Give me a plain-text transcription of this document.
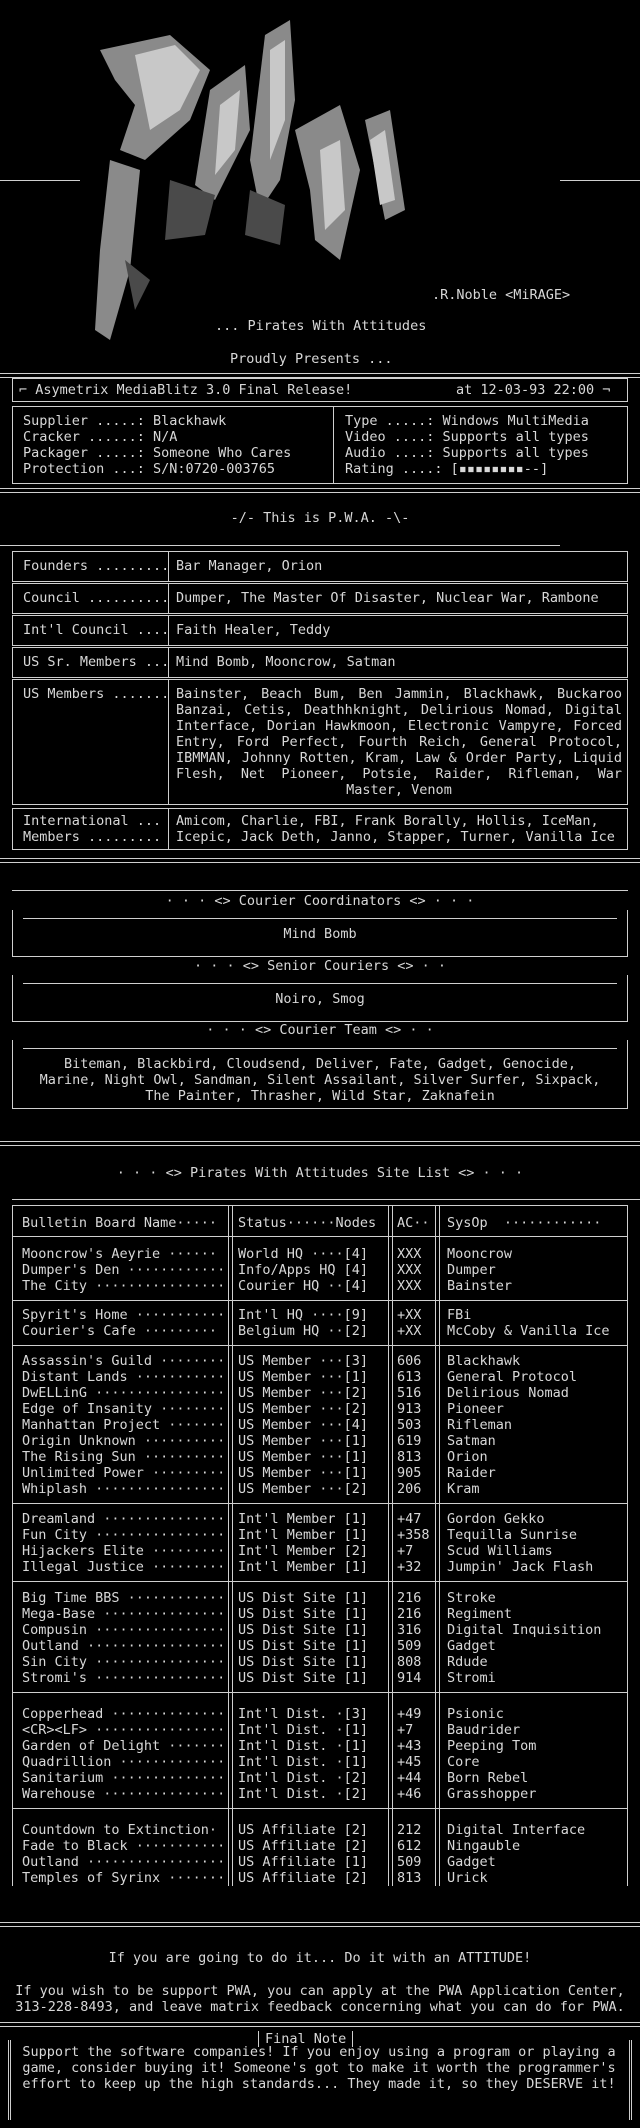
.R.Noble <MiRAGE>
... Pirates With Attitudes
Proudly Presents ...
⌐ Asymetrix MediaBlitz 3.0 Final Release!	at 12-03-93 22:00 ¬
Supplier .....: Blackhawk
Cracker ......: N/A
Packager .....: Someone Who Cares
Protection ...: S/N:0720-003765
Type .....: Windows MultiMedia
Video ....: Supports all types
Audio ....: Supports all types
Rating ....: [▪▪▪▪▪▪▪▪--]
-/- This is P.W.A. -\-
Founders ......... Bar Manager, Orion
Council .......... Dumper, The Master Of Disaster, Nuclear War, Rambone
Int'l Council .... Faith Healer, Teddy
US Sr. Members ... Mind Bomb, Mooncrow, Satman
US Members ....... Bainster, Beach Bum, Ben Jammin, Blackhawk, Buckaroo Banzai, Cetis, Deathhknight, Delirious Nomad, Digital Interface, Dorian Hawkmoon, Electronic Vampyre, Forced Entry, Ford Perfect, Fourth Reich, General Protocol, IBMMAN, Johnny Rotten, Kram, Law & Order Party, Liquid Flesh, Net Pioneer, Potsie, Raider, Rifleman, War Master, Venom
International ...
Members .........
Amicom, Charlie, FBI, Frank Borally, Hollis, IceMan, Icepic, Jack Deth, Janno, Stapper, Turner, Vanilla Ice
· · · <> Courier Coordinators <> · · ·
Mind Bomb
· · · <> Senior Couriers <> · ·
Noiro, Smog
· · · <> Courier Team <> · ·
Biteman, Blackbird, Cloudsend, Deliver, Fate, Gadget, Genocide, Marine, Night Owl, Sandman, Silent Assailant, Silver Surfer, Sixpack, The Painter, Thrasher, Wild Star, Zaknafein
· · · <> Pirates With Attitudes Site List <> · · ·
Bulletin Board Name····· Status······Nodes AC·· SysOp  ············
Mooncrow's Aeyrie ······ World HQ ····[4] XXX Mooncrow
Dumper's Den ············ Info/Apps HQ [4] XXX Dumper
The City ················ Courier HQ ··[4] XXX Bainster
Spyrit's Home ··········· Int'l HQ ····[9] +XX FBi
Courier's Cafe ········· Belgium HQ ··[2] +XX McCoby & Vanilla Ice
Assassin's Guild ········ US Member ···[3] 606 Blackhawk
Distant Lands ··········· US Member ···[1] 613 General Protocol
DwELLinG ················ US Member ···[2] 516 Delirious Nomad
Edge of Insanity ········ US Member ···[2] 913 Pioneer
Manhattan Project ······· US Member ···[4] 503 Rifleman
Origin Unknown ·········· US Member ···[1] 619 Satman
The Rising Sun ·········· US Member ···[1] 813 Orion
Unlimited Power ········· US Member ···[1] 905 Raider
Whiplash ················ US Member ···[2] 206 Kram
Dreamland ··············· Int'l Member [1] +47 Gordon Gekko
Fun City ················ Int'l Member [1] +358 Tequilla Sunrise
Hijackers Elite ········· Int'l Member [2] +7 Scud Williams
Illegal Justice ········· Int'l Member [1] +32 Jumpin' Jack Flash
Big Time BBS ············ US Dist Site [1] 216 Stroke
Mega-Base ··············· US Dist Site [1] 216 Regiment
Compusin ················ US Dist Site [1] 316 Digital Inquisition
Outland ················· US Dist Site [1] 509 Gadget
Sin City ················ US Dist Site [1] 808 Rdude
Stromi's ················ US Dist Site [1] 914 Stromi
Copperhead ·············· Int'l Dist. ·[3] +49 Psionic
<CR><LF> ················ Int'l Dist. ·[1] +7 Baudrider
Garden of Delight ······· Int'l Dist. ·[1] +43 Peeping Tom
Quadrillion ············· Int'l Dist. ·[1] +45 Core
Sanitarium ·············· Int'l Dist. ·[2] +44 Born Rebel
Warehouse ··············· Int'l Dist. ·[2] +46 Grasshopper
Countdown to Extinction· US Affiliate [2] 212 Digital Interface
Fade to Black ··········· US Affiliate [2] 612 Ningauble
Outland ················· US Affiliate [1] 509 Gadget
Temples of Syrinx ······· US Affiliate [2] 813 Urick
If you are going to do it... Do it with an ATTITUDE!
If you wish to be support PWA, you can apply at the PWA Application Center, 313-228-8493, and leave matrix feedback concerning what you can do for PWA.
Final Note
Support the software companies! If you enjoy using a program or playing a game, consider buying it! Someone's got to make it worth the programmer's effort to keep up the high standards... They made it, so they DESERVE it!
